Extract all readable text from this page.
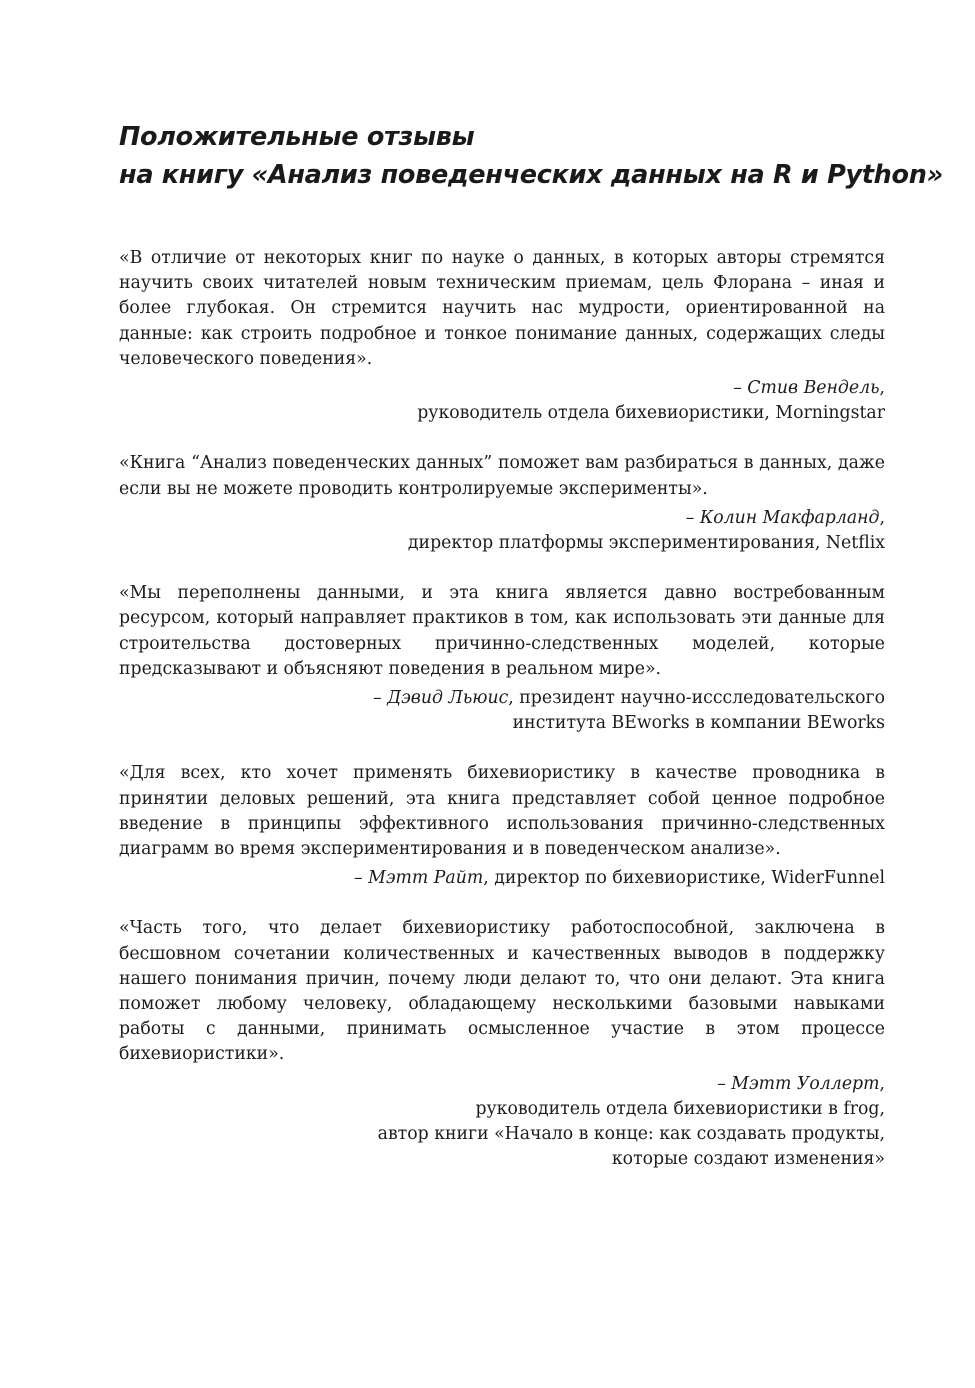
Положительные отзывы
на книгу «Анализ поведенческих данных на R и Python»

«В отличие от некоторых книг по науке о данных, в которых авторы стремятся научить своих читателей новым техническим приемам, цель Флорана – иная и более глубокая. Он стремится научить нас мудрости, ориентированной на данные: как строить подробное и тонкое понимание данных, содержащих следы человеческого поведения».

– Стив Вендель,
руководитель отдела бихевиористики, Morningstar

«Книга “Анализ поведенческих данных” поможет вам разбираться в данных, даже если вы не можете проводить контролируемые эксперименты».

– Колин Макфарланд,
директор платформы экспериментирования, Netflix

«Мы переполнены данными, и эта книга является давно востребованным ресурсом, который направляет практиков в том, как использовать эти данные для строительства достоверных причинно-следственных моделей, которые предсказывают и объясняют поведения в реальном мире».

– Дэвид Льюис, президент научно-иссследовательского
института BEworks в компании BEworks

«Для всех, кто хочет применять бихевиористику в качестве проводника в принятии деловых решений, эта книга представляет собой ценное подробное введение в принципы эффективного использования причинно-следственных диаграмм во время экспериментирования и в поведенческом анализе».

– Мэтт Райт, директор по бихевиористике, WiderFunnel

«Часть того, что делает бихевиористику работоспособной, заключена в бесшовном сочетании количественных и качественных выводов в поддержку нашего понимания причин, почему люди делают то, что они делают. Эта книга поможет любому человеку, обладающему несколькими базовыми навыками работы с данными, принимать осмысленное участие в этом процессе бихевиористики».

– Мэтт Уоллерт,
руководитель отдела бихевиористики в frog,
автор книги «Начало в конце: как создавать продукты,
которые создают изменения»
